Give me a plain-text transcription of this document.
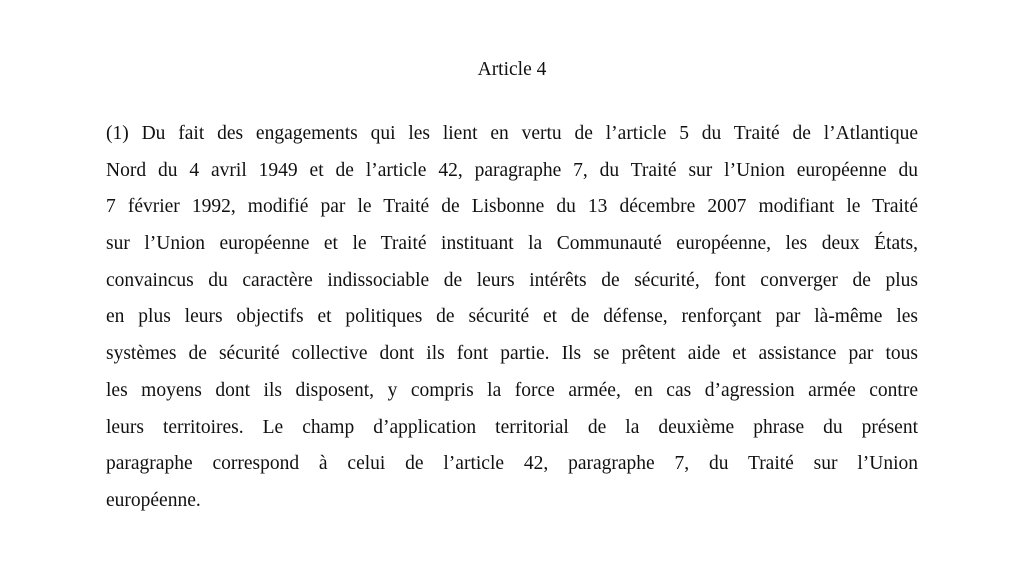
Article 4
(1) Du fait des engagements qui les lient en vertu de l’article 5 du Traité de l’Atlantique
Nord du 4 avril 1949 et de l’article 42, paragraphe 7, du Traité sur l’Union européenne du
7 février 1992, modifié par le Traité de Lisbonne du 13 décembre 2007 modifiant le Traité
sur l’Union européenne et le Traité instituant la Communauté européenne, les deux États,
convaincus du caractère indissociable de leurs intérêts de sécurité, font converger de plus
en plus leurs objectifs et politiques de sécurité et de défense, renforçant par là-même les
systèmes de sécurité collective dont ils font partie. Ils se prêtent aide et assistance par tous
les moyens dont ils disposent, y compris la force armée, en cas d’agression armée contre
leurs territoires. Le champ d’application territorial de la deuxième phrase du présent
paragraphe correspond à celui de l’article 42, paragraphe 7, du Traité sur l’Union
européenne.
